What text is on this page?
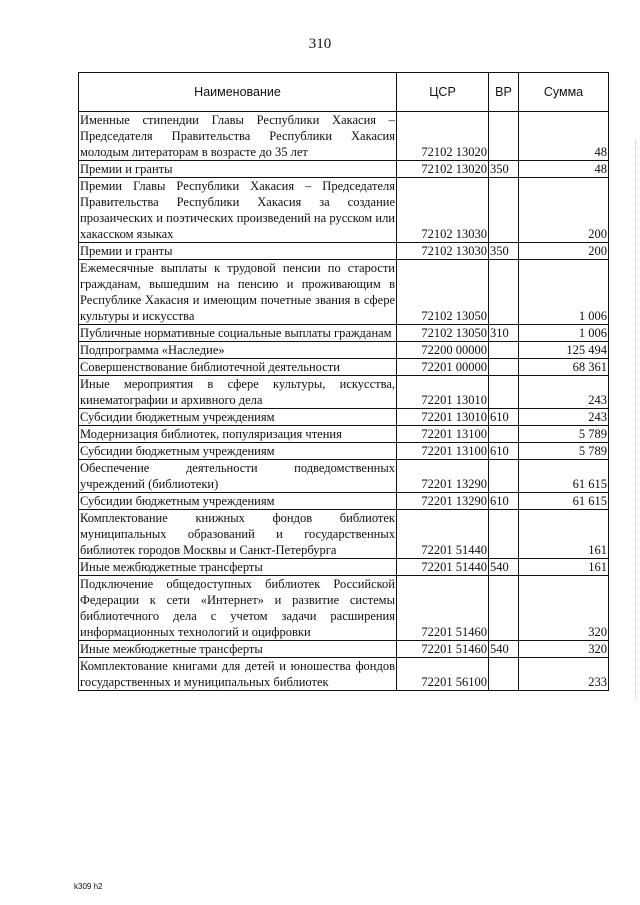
310
Наименование	ЦСР	ВР	Сумма
Именные стипендии Главы Республики Хакасия – Председателя Правительства Республики Хакасия молодым литераторам в возрасте до 35 лет	72102 13020		48
Премии и гранты	72102 13020	350	48
Премии Главы Республики Хакасия – Председателя Правительства Республики Хакасия за создание прозаических и поэтических произведений на русском или хакасском языках	72102 13030		200
Премии и гранты	72102 13030	350	200
Ежемесячные выплаты к трудовой пенсии по старости гражданам, вышедшим на пенсию и проживающим в Республике Хакасия и имеющим почетные звания в сфере культуры и искусства	72102 13050		1 006
Публичные нормативные социальные выплаты гражданам	72102 13050	310	1 006
Подпрограмма «Наследие»	72200 00000		125 494
Совершенствование библиотечной деятельности	72201 00000		68 361
Иные мероприятия в сфере культуры, искусства, кинематографии и архивного дела	72201 13010		243
Субсидии бюджетным учреждениям	72201 13010	610	243
Модернизация библиотек, популяризация чтения	72201 13100		5 789
Субсидии бюджетным учреждениям	72201 13100	610	5 789
Обеспечение деятельности подведомственных учреждений (библиотеки)	72201 13290		61 615
Субсидии бюджетным учреждениям	72201 13290	610	61 615
Комплектование книжных фондов библиотек муниципальных образований и государственных библиотек городов Москвы и Санкт-Петербурга	72201 51440		161
Иные межбюджетные трансферты	72201 51440	540	161
Подключение общедоступных библиотек Российской Федерации к сети «Интернет» и развитие системы библиотечного дела с учетом задачи расширения информационных технологий и оцифровки	72201 51460		320
Иные межбюджетные трансферты	72201 51460	540	320
Комплектование книгами для детей и юношества фондов государственных и муниципальных библиотек	72201 56100		233
k309 h2
